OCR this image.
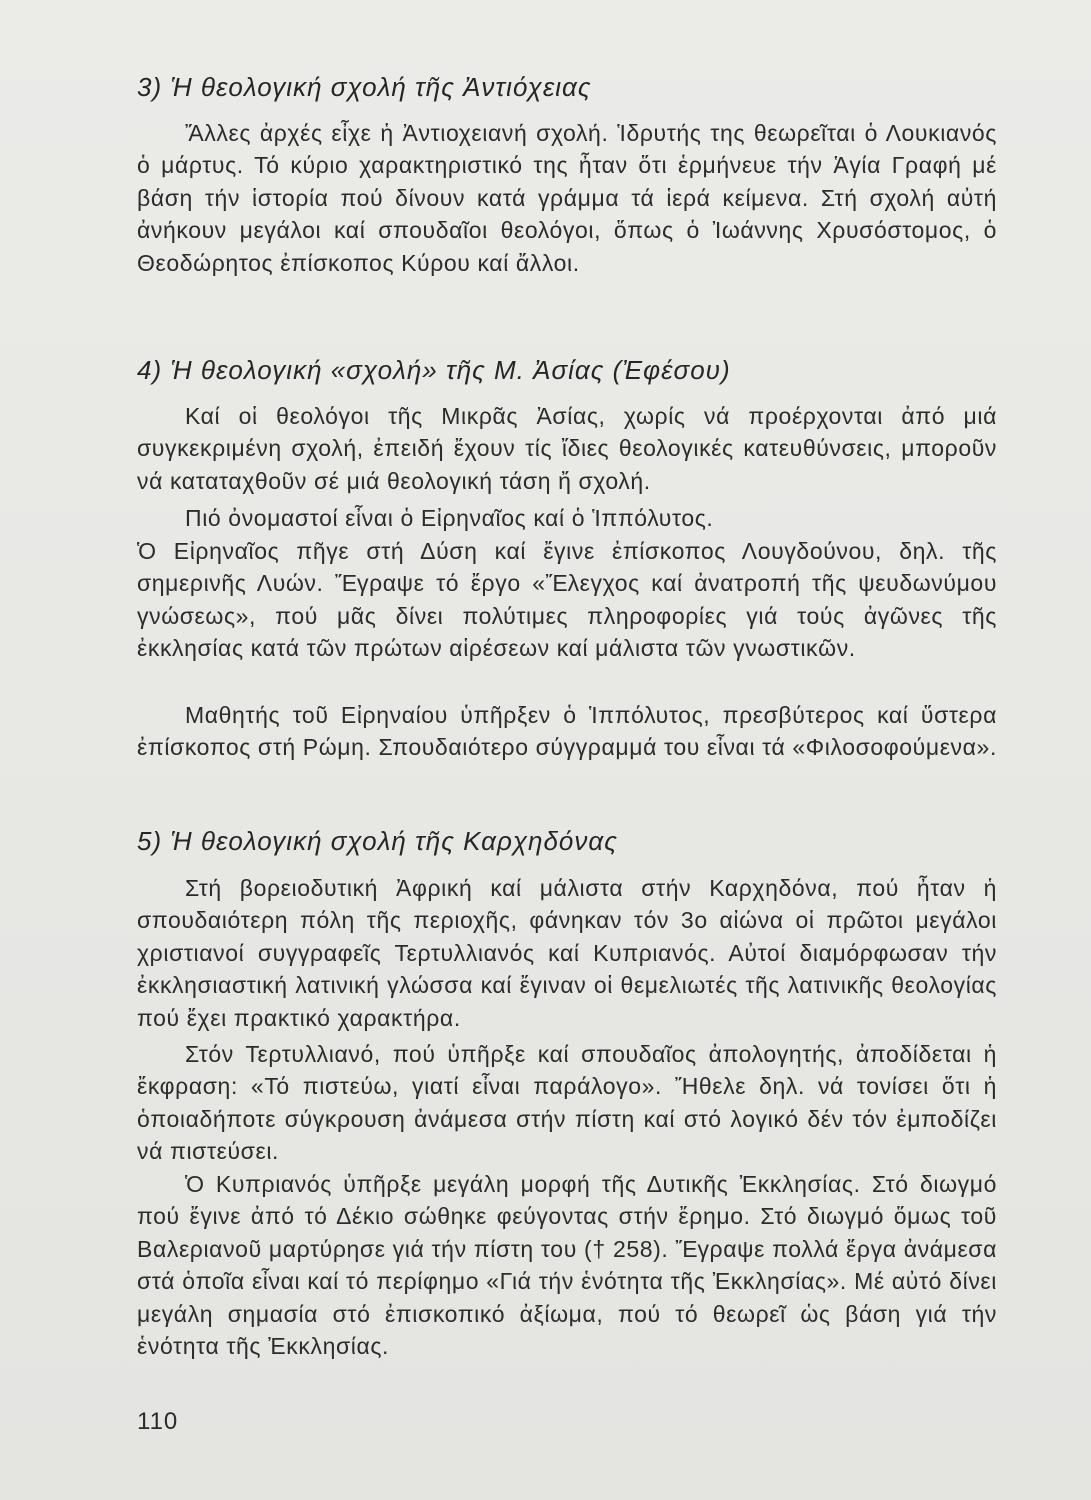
3) Ἡ θεολογική σχολή τῆς Ἀντιόχειας

Ἄλλες ἀρχές εἶχε ἡ Ἀντιοχειανή σχολή. Ἱδρυτής της θεωρεῖται ὁ Λουκιανός ὁ μάρτυς. Τό κύριο χαρακτηριστικό της ἦταν ὅτι ἑρμήνευε τήν Ἁγία Γραφή μέ βάση τήν ἱστορία πού δίνουν κατά γράμμα τά ἱερά κείμενα. Στή σχολή αὐτή ἀνήκουν μεγάλοι καί σπουδαῖοι θεολόγοι, ὅπως ὁ Ἰωάννης Χρυσόστομος, ὁ Θεοδώρητος ἐπίσκοπος Κύρου καί ἄλλοι.

4) Ἡ θεολογική «σχολή» τῆς Μ. Ἀσίας (Ἐφέσου)

Καί οἱ θεολόγοι τῆς Μικρᾶς Ἀσίας, χωρίς νά προέρχονται ἀπό μιά συγκεκριμένη σχολή, ἐπειδή ἔχουν τίς ἴδιες θεολογικές κατευθύνσεις, μποροῦν νά καταταχθοῦν σέ μιά θεολογική τάση ἤ σχολή.

Πιό ὀνομαστοί εἶναι ὁ Εἰρηναῖος καί ὁ Ἱππόλυτος.

Ὁ Εἰρηναῖος πῆγε στή Δύση καί ἔγινε ἐπίσκοπος Λουγδούνου, δηλ. τῆς σημερινῆς Λυών. Ἔγραψε τό ἔργο «Ἔλεγχος καί ἀνατροπή τῆς ψευδωνύμου γνώσεως», πού μᾶς δίνει πολύτιμες πληροφορίες γιά τούς ἀγῶνες τῆς ἐκκλησίας κατά τῶν πρώτων αἱρέσεων καί μάλιστα τῶν γνωστικῶν.

Μαθητής τοῦ Εἰρηναίου ὑπῆρξεν ὁ Ἱππόλυτος, πρεσβύτερος καί ὕστερα ἐπίσκοπος στή Ρώμη. Σπουδαιότερο σύγγραμμά του εἶναι τά «Φιλοσοφούμενα».

5) Ἡ θεολογική σχολή τῆς Καρχηδόνας

Στή βορειοδυτική Ἀφρική καί μάλιστα στήν Καρχηδόνα, πού ἦταν ἡ σπουδαιότερη πόλη τῆς περιοχῆς, φάνηκαν τόν 3ο αἰώνα οἱ πρῶτοι μεγάλοι χριστιανοί συγγραφεῖς Τερτυλλιανός καί Κυπριανός. Αὐτοί διαμόρφωσαν τήν ἐκκλησιαστική λατινική γλώσσα καί ἔγιναν οἱ θεμελιωτές τῆς λατινικῆς θεολογίας πού ἔχει πρακτικό χαρακτήρα.

Στόν Τερτυλλιανό, πού ὑπῆρξε καί σπουδαῖος ἀπολογητής, ἀποδίδεται ἡ ἔκφραση: «Τό πιστεύω, γιατί εἶναι παράλογο». Ἤθελε δηλ. νά τονίσει ὅτι ἡ ὁποιαδήποτε σύγκρουση ἀνάμεσα στήν πίστη καί στό λογικό δέν τόν ἐμποδίζει νά πιστεύσει.

Ὁ Κυπριανός ὑπῆρξε μεγάλη μορφή τῆς Δυτικῆς Ἐκκλησίας. Στό διωγμό πού ἔγινε ἀπό τό Δέκιο σώθηκε φεύγοντας στήν ἔρημο. Στό διωγμό ὅμως τοῦ Βαλεριανοῦ μαρτύρησε γιά τήν πίστη του († 258). Ἔγραψε πολλά ἔργα ἀνάμεσα στά ὁποῖα εἶναι καί τό περίφημο «Γιά τήν ἑνότητα τῆς Ἐκκλησίας». Μέ αὐτό δίνει μεγάλη σημασία στό ἐπισκοπικό ἀξίωμα, πού τό θεωρεῖ ὡς βάση γιά τήν ἑνότητα τῆς Ἐκκλησίας.

110
